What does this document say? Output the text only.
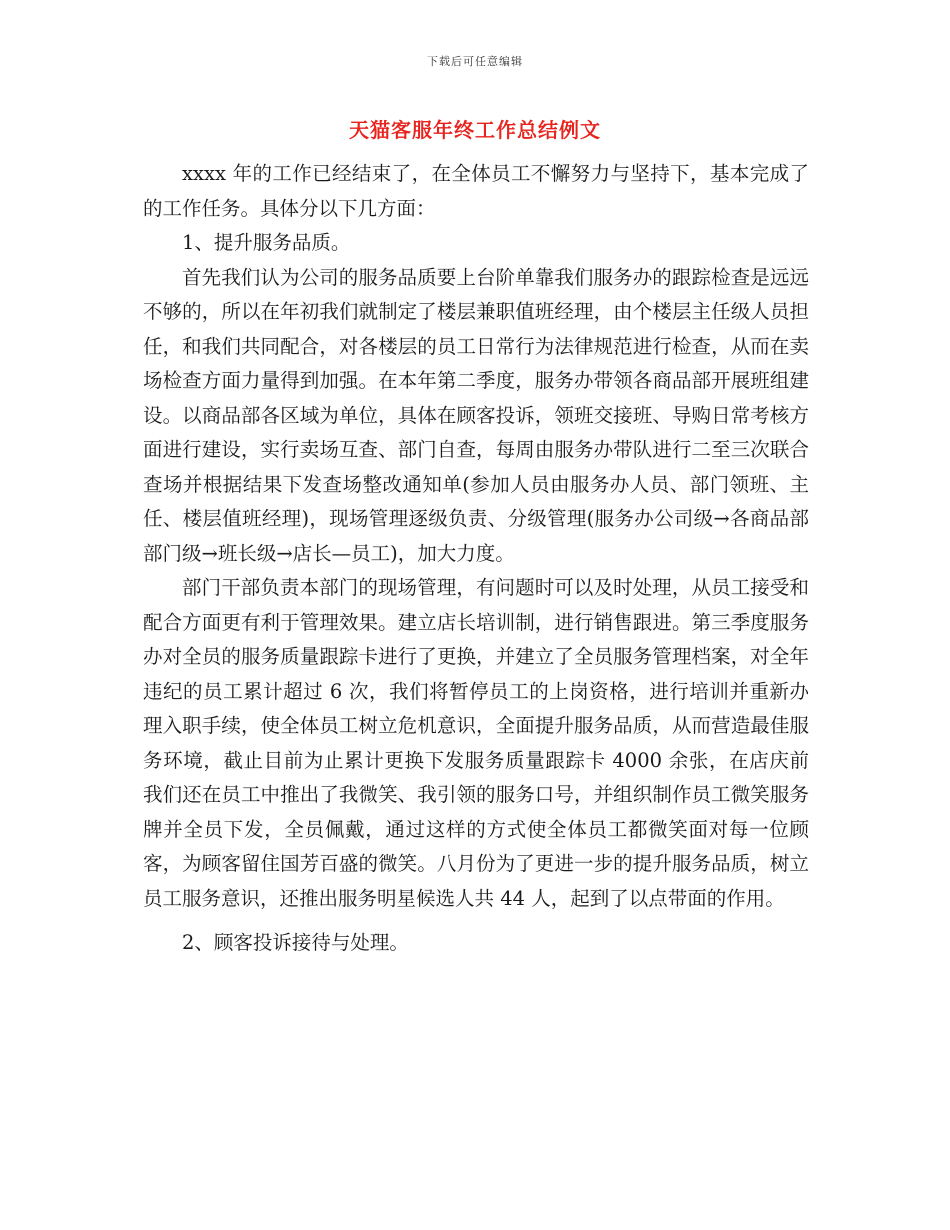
下载后可任意编辑
天猫客服年终工作总结例文

xxxx 年的工作已经结束了，在全体员工不懈努力与坚持下，基本完成了的工作任务。具体分以下几方面：

1、提升服务品质。

首先我们认为公司的服务品质要上台阶单靠我们服务办的跟踪检查是远远不够的，所以在年初我们就制定了楼层兼职值班经理，由个楼层主任级人员担任，和我们共同配合，对各楼层的员工日常行为法律规范进行检查，从而在卖场检查方面力量得到加强。在本年第二季度，服务办带领各商品部开展班组建设。以商品部各区域为单位，具体在顾客投诉，领班交接班、导购日常考核方面进行建设，实行卖场互查、部门自查，每周由服务办带队进行二至三次联合查场并根据结果下发查场整改通知单(参加人员由服务办人员、部门领班、主任、楼层值班经理)，现场管理逐级负责、分级管理(服务办公司级→各商品部部门级→班长级→店长—员工)，加大力度。

部门干部负责本部门的现场管理，有问题时可以及时处理，从员工接受和配合方面更有利于管理效果。建立店长培训制，进行销售跟进。第三季度服务办对全员的服务质量跟踪卡进行了更换，并建立了全员服务管理档案，对全年违纪的员工累计超过 6 次，我们将暂停员工的上岗资格，进行培训并重新办理入职手续，使全体员工树立危机意识，全面提升服务品质，从而营造最佳服务环境，截止目前为止累计更换下发服务质量跟踪卡 4000 余张，在店庆前我们还在员工中推出了我微笑、我引领的服务口号，并组织制作员工微笑服务牌并全员下发，全员佩戴，通过这样的方式使全体员工都微笑面对每一位顾客，为顾客留住国芳百盛的微笑。八月份为了更进一步的提升服务品质，树立员工服务意识，还推出服务明星候选人共 44 人，起到了以点带面的作用。

2、顾客投诉接待与处理。
